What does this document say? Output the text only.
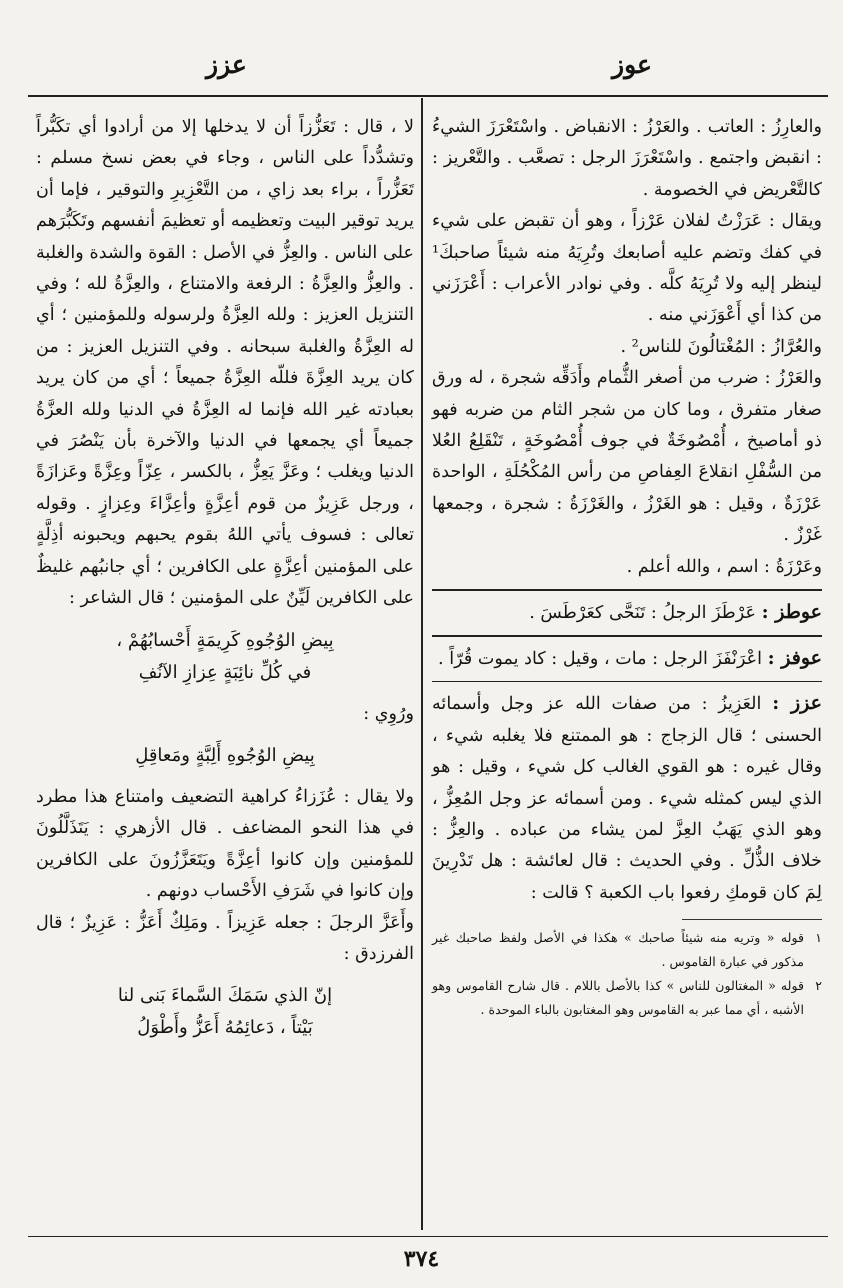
عوز
عزز

والعارِزُ : العاتب . والعَرْزُ : الانقباض . واسْتَعْرَزَ الشيءُ : انقبض واجتمع . واسْتَعْرَزَ الرجل : تصعَّب . والتَّعْريز : كالتَّعْريض في الخصومة .

ويقال : عَرَزْتُ لفلان عَرْزاً ، وهو أن تقبض على شيء في كفك وتضم عليه أصابعك وتُرِيَهُ منه شيئاً صاحبكَ¹ لينظر إليه ولا تُرِيَهُ كلَّه . وفي نوادر الأعراب : أَعْرَزَني من كذا أي أَعْوَزَني منه .

والعُرَّازُ : المُغْتالُونَ للناس² .

والعَرْزُ : ضرب من أصغر الثُّمام وأَدَقِّه شجرة ، له ورق صغار متفرق ، وما كان من شجر الثام من ضربه فهو ذو أماصيخ ، أُمْصُوخَةٌ في جوف أُمْصُوخَةٍ ، تَنْقَلِعُ العُلا من السُّفْلِ انقلاعَ العِفاصِ من رأس المُكْحُلَةِ ، الواحدة عَرْزَةٌ ، وقيل : هو الغَرْزُ ، والغَرْزَةُ : شجرة ، وجمعها غَرْزٌ .

وعَرْزَةُ : اسم ، والله أعلم .

عوطز : عَرْطَزَ الرجلُ : تَنَحَّى كعَرْطَسَ .

عوفز : اعْرَنْفَزَ الرجل : مات ، وقيل : كاد يموت قُرّاً .

عزز : العَزِيزُ : من صفات الله عز وجل وأسمائه الحسنى ؛ قال الزجاج : هو الممتنع فلا يغلبه شيء ، وقال غيره : هو القوي الغالب كل شيء ، وقيل : هو الذي ليس كمثله شيء . ومن أسمائه عز وجل المُعِزُّ ، وهو الذي يَهَبُ العِزَّ لمن يشاء من عباده . والعِزُّ : خلاف الذُّلِّ . وفي الحديث : قال لعائشة : هل تَدْرِينَ لِمَ كان قومكِ رفعوا باب الكعبة ؟ قالت :

١
قوله « وتريه منه شيئاً صاحبك » هكذا في الأصل ولفظ صاحبك غير مذكور في عبارة القاموس .

٢
قوله « المغتالون للناس » كذا بالأصل باللام . قال شارح القاموس وهو الأشبه ، أي مما عبر به القاموس وهو المغتابون بالباء الموحدة .

لا ، قال : تَعَزُّزاً أن لا يدخلها إلا من أرادوا أي تكَبُّراً وتشدُّداً على الناس ، وجاء في بعض نسخ مسلم : تَعَزُّراً ، براء بعد زاي ، من التَّعْزِيرِ والتوقير ، فإما أن يريد توقير البيت وتعظيمه أو تعظيمَ أنفسهم وتَكَبُّرَهم على الناس . والعِزُّ في الأصل : القوة والشدة والغلبة . والعِزُّ والعِزَّةُ : الرفعة والامتناع ، والعِزَّةُ لله ؛ وفي التنزيل العزيز : ولله العِزَّةُ ولرسوله وللمؤمنين ؛ أي له العِزَّةُ والغلبة سبحانه . وفي التنزيل العزيز : من كان يريد العِزَّةَ فللّه العِزَّةُ جميعاً ؛ أي من كان يريد بعبادته غير الله فإنما له العِزَّةُ في الدنيا ولله العزَّةُ جميعاً أي يجمعها في الدنيا والآخرة بأن يَنْصُرَ في الدنيا ويغلب ؛ وعَزَّ يَعِزُّ ، بالكسر ، عِزّاً وعِزَّةً وعَزازَةً ، ورجل عَزِيزٌ من قوم أعِزَّةٍ وأعِزَّاءَ وعِزازٍ . وقوله تعالى : فسوف يأتي اللهُ بقوم يحبهم ويحبونه أذِلَّةٍ على المؤمنين أعِزَّةٍ على الكافرين ؛ أي جانبُهم غليظٌ على الكافرين لَيِّنٌ على المؤمنين ؛ قال الشاعر :

بِيضِ الوُجُوهِ كَرِيمَةٍ أَحْسابُهُمْ ،
في كُلِّ نائِبَةٍ عِزازِ الآنُفِ

ورُوِي :

بِيضِ الوُجُوهِ أَلِبَّةٍ ومَعاقِلِ

ولا يقال : عُزَزاءُ كراهية التضعيف وامتناع هذا مطرد في هذا النحو المضاعف . قال الأزهري : يَتَذَلَّلُونَ للمؤمنين وإن كانوا أعِزَّةً ويَتَعَزَّزُونَ على الكافرين وإن كانوا في شَرَفِ الأَحْساب دونهم .

وأَعَزَّ الرجلَ : جعله عَزِيزاً . ومَلِكٌ أَعَزُّ : عَزِيزٌ ؛ قال الفرزدق :

إنّ الذي سَمَكَ السَّماءَ بَنى لنا
بَيْتاً ، دَعائِمُهُ أَعَزُّ وأَطْوَلُ
٣٧٤
